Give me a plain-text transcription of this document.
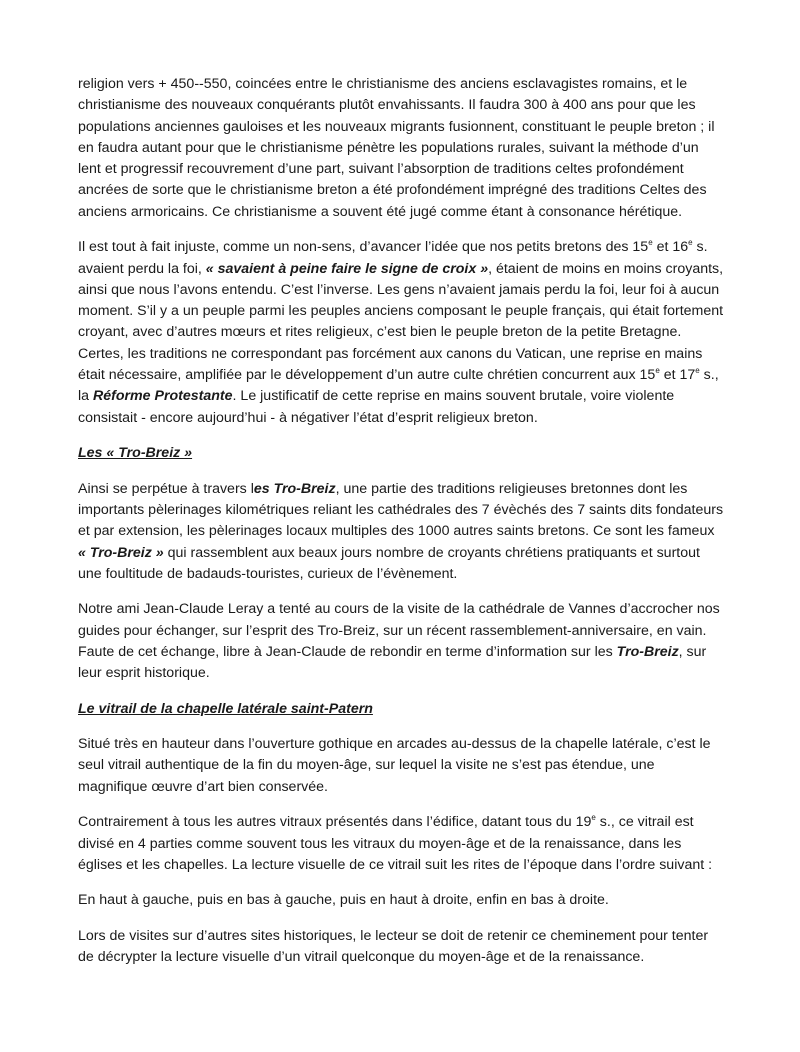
religion vers + 450--550, coincées entre le christianisme des anciens esclavagistes romains, et le christianisme des nouveaux conquérants plutôt envahissants. Il faudra 300 à 400 ans pour que les populations anciennes gauloises et les nouveaux migrants fusionnent, constituant le peuple breton ; il en faudra autant pour que le christianisme pénètre les populations rurales, suivant la méthode d’un lent et progressif recouvrement d’une part, suivant l’absorption de traditions celtes profondément ancrées de sorte que le christianisme breton a été profondément imprégné des traditions Celtes des anciens armoricains. Ce christianisme a souvent été jugé comme étant à consonance hérétique.

Il est tout à fait injuste, comme un non-sens, d’avancer l’idée que nos petits bretons des 15e et 16e s. avaient perdu la foi, « savaient à peine faire le signe de croix », étaient de moins en moins croyants, ainsi que nous l’avons entendu. C’est l’inverse. Les gens n’avaient jamais perdu la foi, leur foi à aucun moment. S’il y a un peuple parmi les peuples anciens composant le peuple français, qui était fortement croyant, avec d’autres mœurs et rites religieux, c’est bien le peuple breton de la petite Bretagne. Certes, les traditions ne correspondant pas forcément aux canons du Vatican, une reprise en mains était nécessaire, amplifiée par le développement d’un autre culte chrétien concurrent aux 15e et 17e s., la Réforme Protestante. Le justificatif de cette reprise en mains souvent brutale, voire violente consistait - encore aujourd’hui - à négativer l’état d’esprit religieux breton.

Les « Tro-Breiz »

Ainsi se perpétue à travers les Tro-Breiz, une partie des traditions religieuses bretonnes dont les importants pèlerinages kilométriques reliant les cathédrales des 7 évèchés des 7 saints dits fondateurs et par extension, les pèlerinages locaux multiples des 1000 autres saints bretons. Ce sont les fameux « Tro-Breiz » qui rassemblent aux beaux jours nombre de croyants chrétiens pratiquants et surtout une foultitude de badauds-touristes, curieux de l’évènement.

Notre ami Jean-Claude Leray a tenté au cours de la visite de la cathédrale de Vannes d’accrocher nos guides pour échanger, sur l’esprit des Tro-Breiz, sur un récent rassemblement-anniversaire, en vain. Faute de cet échange, libre à Jean-Claude de rebondir en terme d’information sur les Tro-Breiz, sur leur esprit historique.

Le vitrail de la chapelle latérale saint-Patern

Situé très en hauteur dans l’ouverture gothique en arcades au-dessus de la chapelle latérale, c’est le seul vitrail authentique de la fin du moyen-âge, sur lequel la visite ne s’est pas étendue, une magnifique œuvre d’art bien conservée.

Contrairement à tous les autres vitraux présentés dans l’édifice, datant tous du 19e s., ce vitrail est divisé en 4 parties comme souvent tous les vitraux du moyen-âge et de la renaissance, dans les églises et les chapelles. La lecture visuelle de ce vitrail suit les rites de l’époque dans l’ordre suivant :

En haut à gauche, puis en bas à gauche, puis en haut à droite, enfin en bas à droite.

Lors de visites sur d’autres sites historiques, le lecteur se doit de retenir ce cheminement pour tenter de décrypter la lecture visuelle d’un vitrail quelconque du moyen-âge et de la renaissance.
